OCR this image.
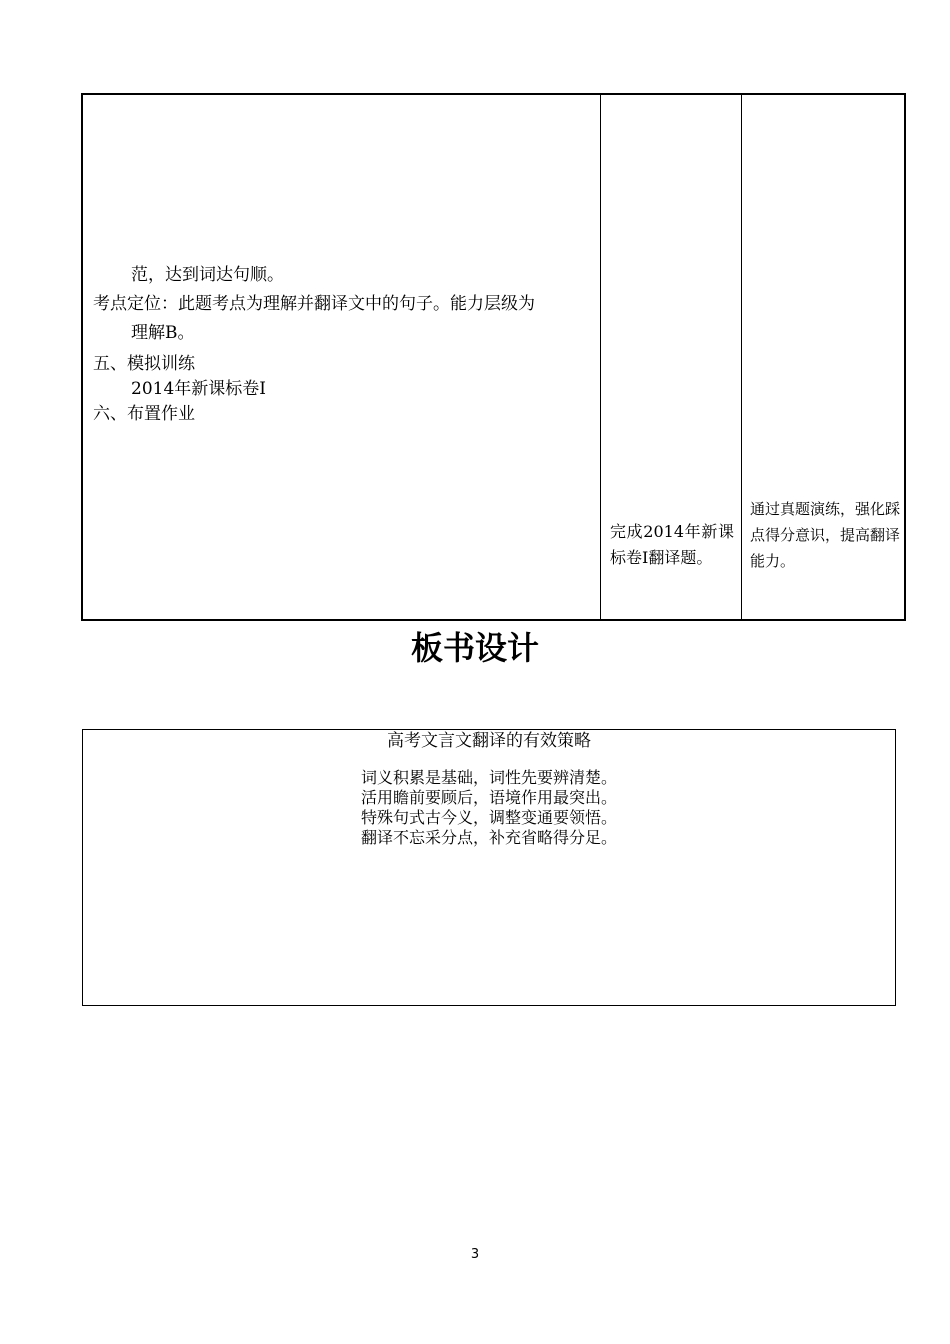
范，达到词达句顺。
考点定位：此题考点为理解并翻译文中的句子。能力层级为
理解B。
五、模拟训练
2014年新课标卷Ⅰ
六、布置作业
完成2014年新课标卷Ⅰ翻译题。
通过真题演练，强化踩点得分意识，提高翻译能力。
板书设计
高考文言文翻译的有效策略
词义积累是基础，词性先要辨清楚。
活用瞻前要顾后，语境作用最突出。
特殊句式古今义，调整变通要领悟。
翻译不忘采分点，补充省略得分足。
3
